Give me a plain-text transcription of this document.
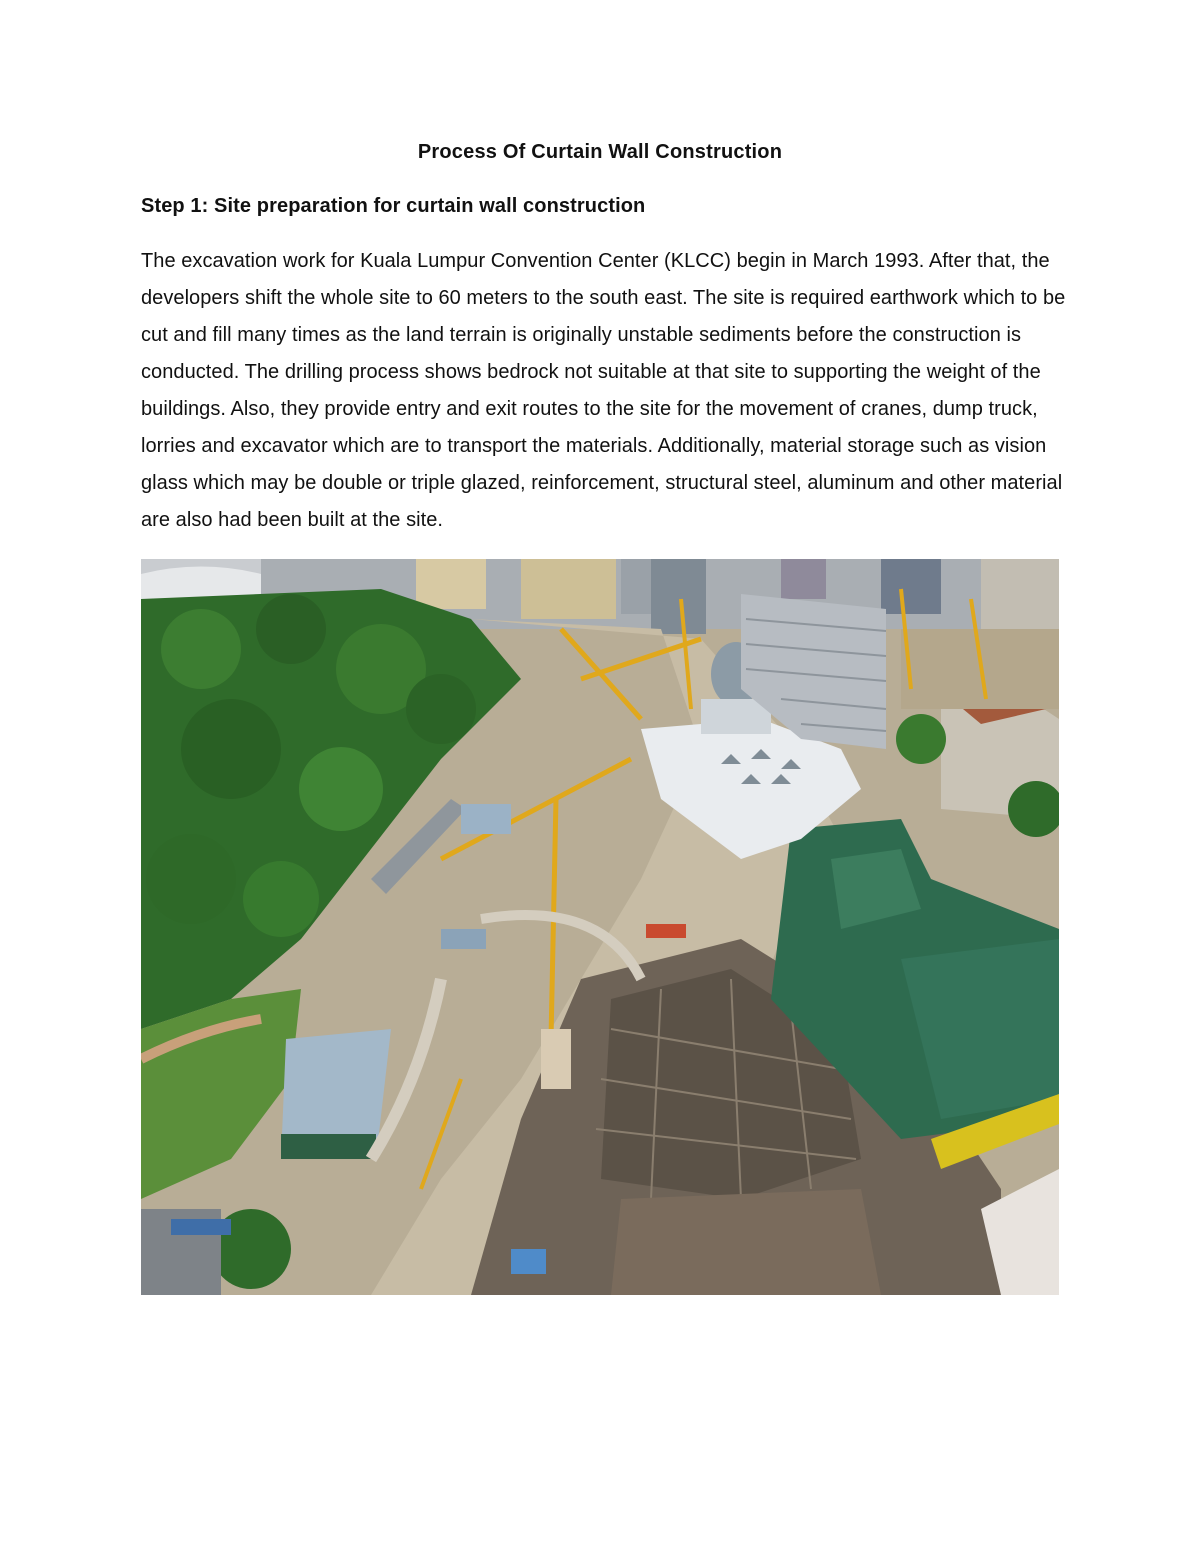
Process Of Curtain Wall Construction
Step 1: Site preparation for curtain wall construction

The excavation work for Kuala Lumpur Convention Center (KLCC) begin in March 1993. After that, the developers shift the whole site to 60 meters to the south east. The site is required earthwork which to be cut and fill many times as the land terrain is originally unstable sediments before the construction is conducted. The drilling process shows bedrock not suitable at that site to supporting the weight of the buildings. Also, they provide entry and exit routes to the site for the movement of cranes, dump truck, lorries and excavator which are to transport the materials. Additionally, material storage such as vision glass which may be double or triple glazed, reinforcement, structural steel, aluminum and other material are also had been built at the site.
